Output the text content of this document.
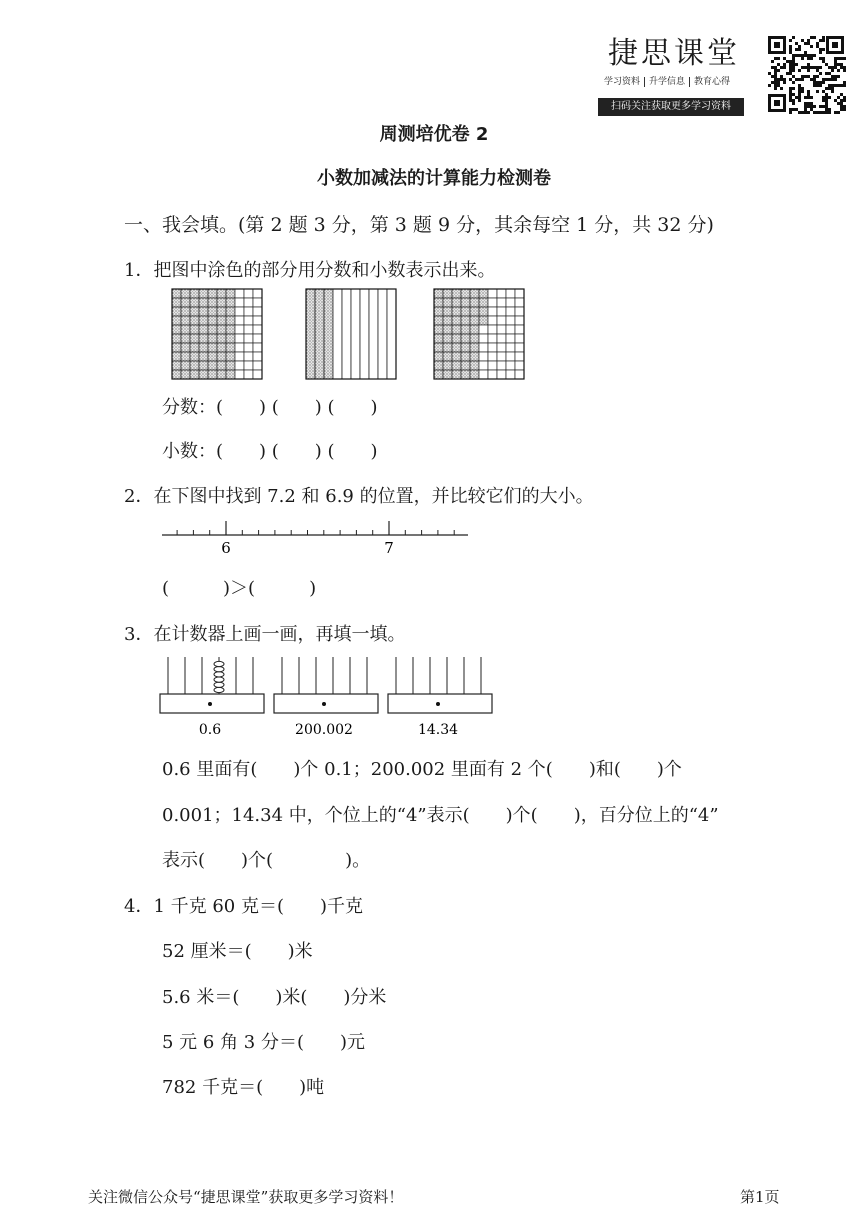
捷思课堂
学习资料 升学信息 教育心得
扫码关注获取更多学习资料
周测培优卷 2
小数加减法的计算能力检测卷
一、我会填。(第 2 题 3 分，第 3 题 9 分，其余每空 1 分，共 32 分)
1．把图中涂色的部分用分数和小数表示出来。
分数：(　　) (　　) (　　)
小数：(　　) (　　) (　　)
2．在下图中找到 7.2 和 6.9 的位置，并比较它们的大小。
6	7
(　　　)＞(　　　)
3．在计数器上画一画，再填一填。
0.6	200.002	14.34
0.6 里面有(　　)个 0.1；200.002 里面有 2 个(　　)和(　　)个
0.001；14.34 中，个位上的“4”表示(　　)个(　　)，百分位上的“4”
表示(　　)个(　　　　)。
4．1 千克 60 克＝(　　)千克
52 厘米＝(　　)米
5.6 米＝(　　)米(　　)分米
5 元 6 角 3 分＝(　　)元
782 千克＝(　　)吨
关注微信公众号“捷思课堂”获取更多学习资料！	第1页
